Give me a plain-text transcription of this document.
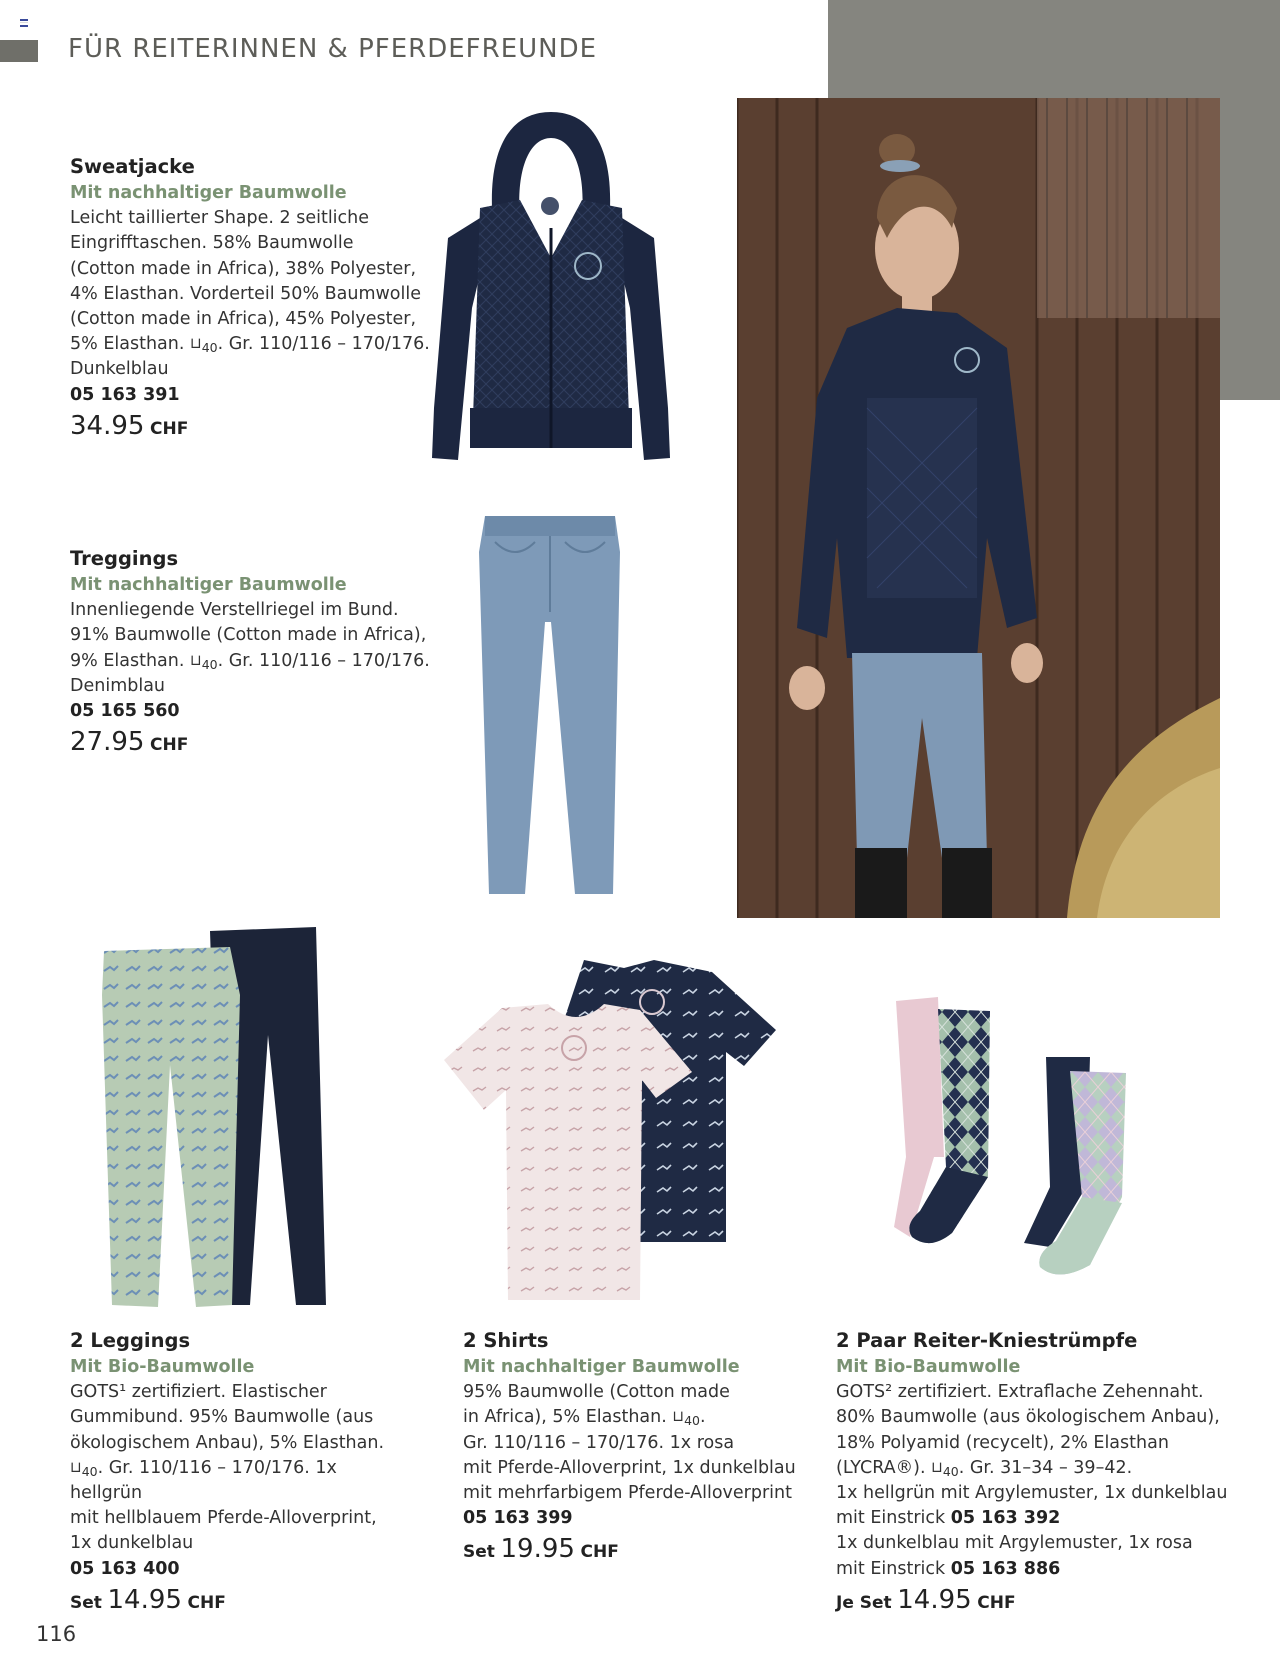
FÜR REITERINNEN & PFERDEFREUNDE
Sweatjacke
Mit nachhaltiger Baumwolle
Leicht taillierter Shape. 2 seitliche
Eingrifftaschen. 58% Baumwolle
(Cotton made in Africa), 38% Polyester,
4% Elasthan. Vorderteil 50% Baumwolle
(Cotton made in Africa), 45% Polyester,
5% Elasthan. $⊔_{40}$. Gr. 110/116 – 170/176.
Dunkelblau
05 163 391
34.95 CHF
Treggings
Mit nachhaltiger Baumwolle
Innenliegende Verstellriegel im Bund.
91% Baumwolle (Cotton made in Africa),
9% Elasthan. $⊔_{40}$. Gr. 110/116 – 170/176.
Denimblau
05 165 560
27.95 CHF
2 Leggings
Mit Bio-Baumwolle
GOTS¹ zertifiziert. Elastischer
Gummibund. 95% Baumwolle (aus
ökologischem Anbau), 5% Elasthan.
$⊔_{40}$. Gr. 110/116 – 170/176. 1x hellgrün
mit hellblauem Pferde-Alloverprint,
1x dunkelblau
05 163 400
Set 14.95 CHF
2 Shirts
Mit nachhaltiger Baumwolle
95% Baumwolle (Cotton made
in Africa), 5% Elasthan. $⊔_{40}$.
Gr. 110/116 – 170/176. 1x rosa
mit Pferde-Alloverprint, 1x dunkelblau
mit mehrfarbigem Pferde-Alloverprint
05 163 399
Set 19.95 CHF
2 Paar Reiter-Kniestrümpfe
Mit Bio-Baumwolle
GOTS² zertifiziert. Extraflache Zehennaht.
80% Baumwolle (aus ökologischem Anbau),
18% Polyamid (recycelt), 2% Elasthan
(LYCRA®). $⊔_{40}$. Gr. 31–34 – 39–42.
1x hellgrün mit Argylemuster, 1x dunkelblau
mit Einstrick 05 163 392
1x dunkelblau mit Argylemuster, 1x rosa
mit Einstrick 05 163 886
Je Set 14.95 CHF
116
